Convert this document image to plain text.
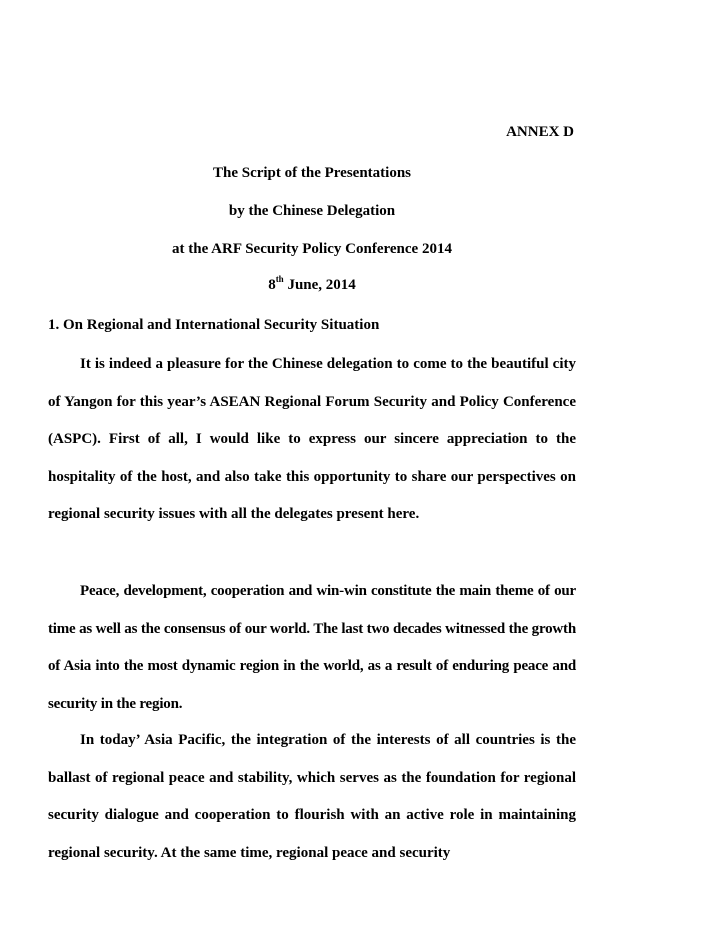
ANNEX D
The Script of the Presentations
by the Chinese Delegation
at the ARF Security Policy Conference 2014
8th June, 2014
1. On Regional and International Security Situation

It is indeed a pleasure for the Chinese delegation to come to the beautiful city of Yangon for this year’s ASEAN Regional Forum Security and Policy Conference (ASPC). First of all, I would like to express our sincere appreciation to the hospitality of the host, and also take this opportunity to share our perspectives on regional security issues with all the delegates present here.

Peace, development, cooperation and win-win constitute the main theme of our time as well as the consensus of our world. The last two decades witnessed the growth of Asia into the most dynamic region in the world, as a result of enduring peace and security in the region.

In today’ Asia Pacific, the integration of the interests of all countries is the ballast of regional peace and stability, which serves as the foundation for regional security dialogue and cooperation to flourish with an active role in maintaining regional security. At the same time, regional peace and security
